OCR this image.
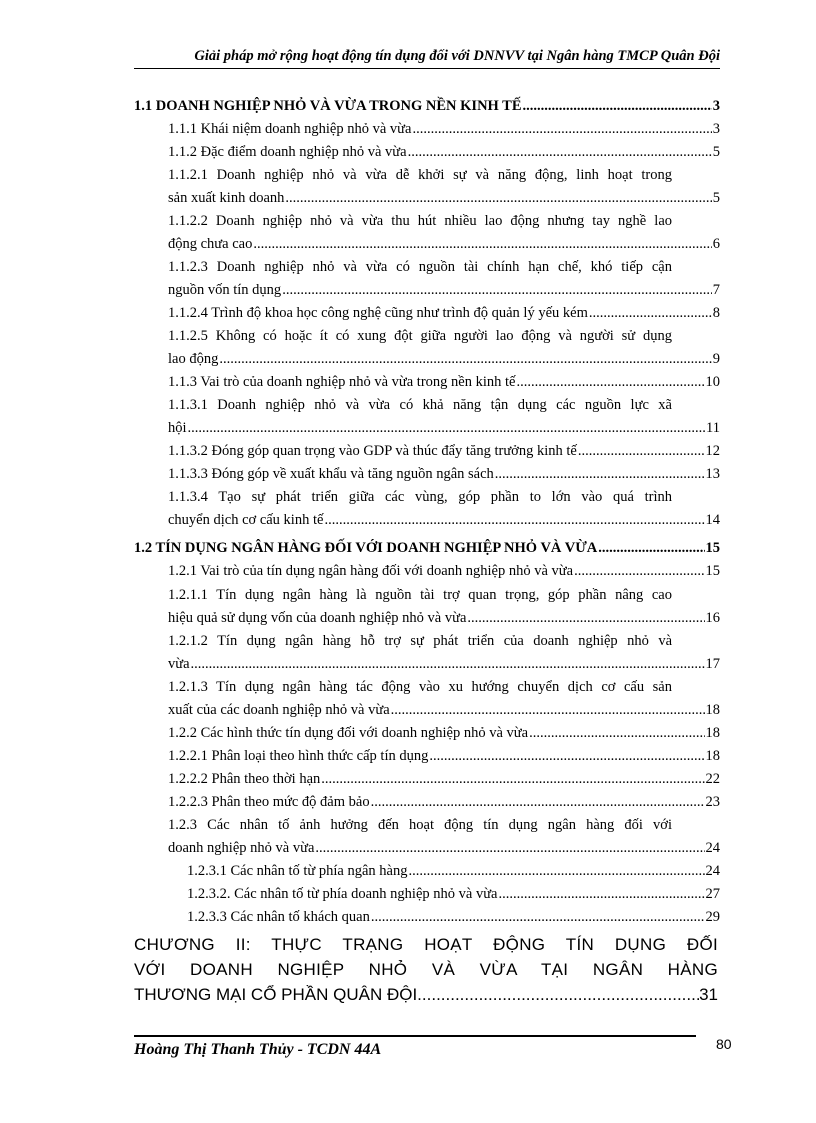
Giải pháp mở rộng hoạt động tín dụng đối với DNNVV tại Ngân hàng TMCP Quân Đội
1.1 DOANH NGHIỆP NHỎ VÀ VỪA TRONG NỀN KINH TẾ .....	3
1.1.1 Khái niệm doanh nghiệp nhỏ và vừa .....	3
1.1.2 Đặc điểm doanh nghiệp nhỏ và vừa .....	5
1.1.2.1 Doanh nghiệp nhỏ và vừa dễ khởi sự và năng động, linh hoạt trong
sản xuất kinh doanh .....	5
1.1.2.2 Doanh nghiệp nhỏ và vừa thu hút nhiều lao động nhưng tay nghề lao
động chưa cao .....	6
1.1.2.3 Doanh nghiệp nhỏ và vừa có nguồn tài chính hạn chế, khó tiếp cận
nguồn vốn tín dụng .....	7
1.1.2.4 Trình độ khoa học công nghệ cũng như trình độ quản lý yếu kém .....	8
1.1.2.5 Không có hoặc ít có xung đột giữa người lao động và người sử dụng
lao động .....	9
1.1.3 Vai trò của doanh nghiệp nhỏ và vừa trong nền kinh tế .....	10
1.1.3.1 Doanh nghiệp nhỏ và vừa có khả năng tận dụng các nguồn lực xã
hội .....	11
1.1.3.2 Đóng góp quan trọng vào GDP và thúc đẩy tăng trưởng kinh tế .....	12
1.1.3.3 Đóng góp về xuất khẩu và tăng nguồn ngân sách .....	13
1.1.3.4 Tạo sự phát triển giữa các vùng, góp phần to lớn vào quá trình
chuyển dịch cơ cấu kinh tế .....	14
1.2 TÍN DỤNG NGÂN HÀNG ĐỐI VỚI DOANH NGHIỆP NHỎ VÀ VỪA .....	15
1.2.1 Vai trò của tín dụng ngân hàng đối với doanh nghiệp nhỏ và vừa .....	15
1.2.1.1 Tín dụng ngân hàng là nguồn tài trợ quan trọng, góp phần nâng cao
hiệu quả sử dụng vốn của doanh nghiệp nhỏ và vừa .....	16
1.2.1.2 Tín dụng ngân hàng hỗ trợ sự phát triển của doanh nghiệp nhỏ và
vừa .....	17
1.2.1.3 Tín dụng ngân hàng tác động vào xu hướng chuyển dịch cơ cấu sản
xuất của các doanh nghiệp nhỏ và vừa .....	18
1.2.2 Các hình thức tín dụng đối với doanh nghiệp nhỏ và vừa .....	18
1.2.2.1 Phân loại theo hình thức cấp tín dụng .....	18
1.2.2.2 Phân theo thời hạn .....	22
1.2.2.3 Phân theo mức độ đảm bảo .....	23
1.2.3 Các nhân tố ảnh hưởng đến hoạt động tín dụng ngân hàng đối với
doanh nghiệp nhỏ và vừa .....	24
1.2.3.1 Các nhân tố từ phía ngân hàng .....	24
1.2.3.2. Các nhân tố từ phía doanh nghiệp nhỏ và vừa .....	27
1.2.3.3 Các nhân tố khách quan .....	29
CHƯƠNG II: THỰC TRẠNG HOẠT ĐỘNG TÍN DỤNG ĐỐI
VỚI DOANH NGHIỆP NHỎ VÀ VỪA TẠI NGÂN HÀNG
THƯƠNG MẠI CỔ PHẦN QUÂN ĐỘI .....	31
Hoàng Thị Thanh Thủy - TCDN 44A	80
